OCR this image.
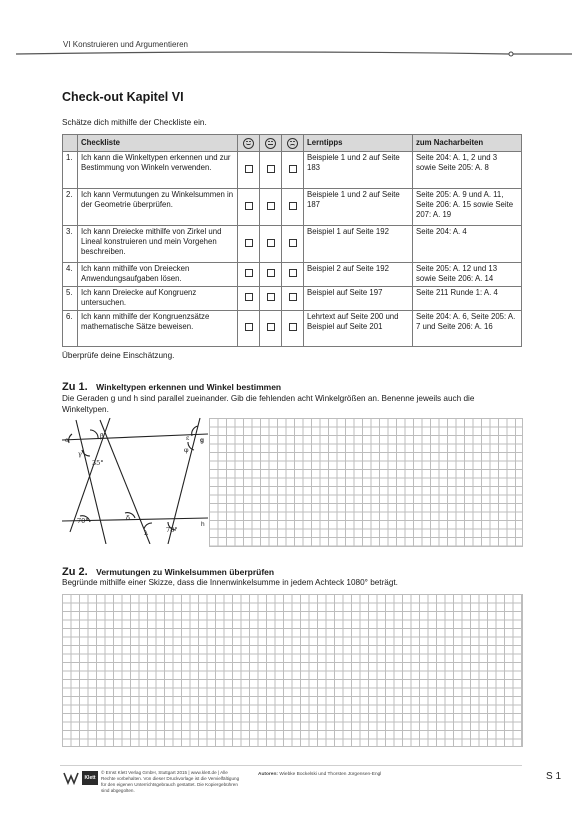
VI Konstruieren und Argumentieren
Check-out Kapitel VI
Schätze dich mithilfe der Checkliste ein.
	Checkliste				Lerntipps	zum Nacharbeiten
1.	Ich kann die Winkeltypen erkennen und zur Bestimmung von Winkeln verwenden.				Beispiele 1 und 2 auf Seite 183	Seite 204: A. 1, 2 und 3 sowie Seite 205: A. 8
2.	Ich kann Vermutungen zu Winkelsummen in der Geometrie überprüfen.				Beispiele 1 und 2 auf Seite 187	Seite 205: A. 9 und A. 11, Seite 206: A. 15 sowie Seite 207: A. 19
3.	Ich kann Dreiecke mithilfe von Zirkel und Lineal konstruieren und mein Vorgehen beschreiben.				Beispiel 1 auf Seite 192	Seite 204: A. 4
4.	Ich kann mithilfe von Dreiecken Anwendungsaufgaben lösen.				Beispiel 2 auf Seite 192	Seite 205: A. 12 und 13 sowie Seite 206: A. 14
5.	Ich kann Dreiecke auf Kongruenz untersuchen.				Beispiel auf Seite 197	Seite 211 Runde 1: A. 4
6.	Ich kann mithilfe der Kongruenzsätze mathematische Sätze beweisen.				Lehrtext auf Seite 200 und Beispiel auf Seite 201	Seite 204: A. 6, Seite 205: A. 7 und Seite 206: A. 16
Überprüfe deine Einschätzung.
Zu 1. Winkeltypen erkennen und Winkel bestimmen
Die Geraden g und h sind parallel zueinander. Gib die fehlenden acht Winkelgrößen an. Benenne jeweils auch die Winkeltypen.
α	β
γ
35°
ε g
φ
70°	δ
λ	78°
h
Zu 2. Vermutungen zu Winkelsummen überprüfen
Begründe mithilfe einer Skizze, dass die Innenwinkelsumme in jedem Achteck 1080° beträgt.
Klett
© Ernst Klett Verlag GmbH, Stuttgart 2015 | www.klett.de | Alle Rechte vorbehalten. Von dieser Druckvorlage ist die Vervielfältigung für den eigenen Unterrichtsgebrauch gestattet. Die Kopiergebühren sind abgegolten.
Autoren: Wiebke Bockelski und Thorsten Jürgensen-Engl	S 1
